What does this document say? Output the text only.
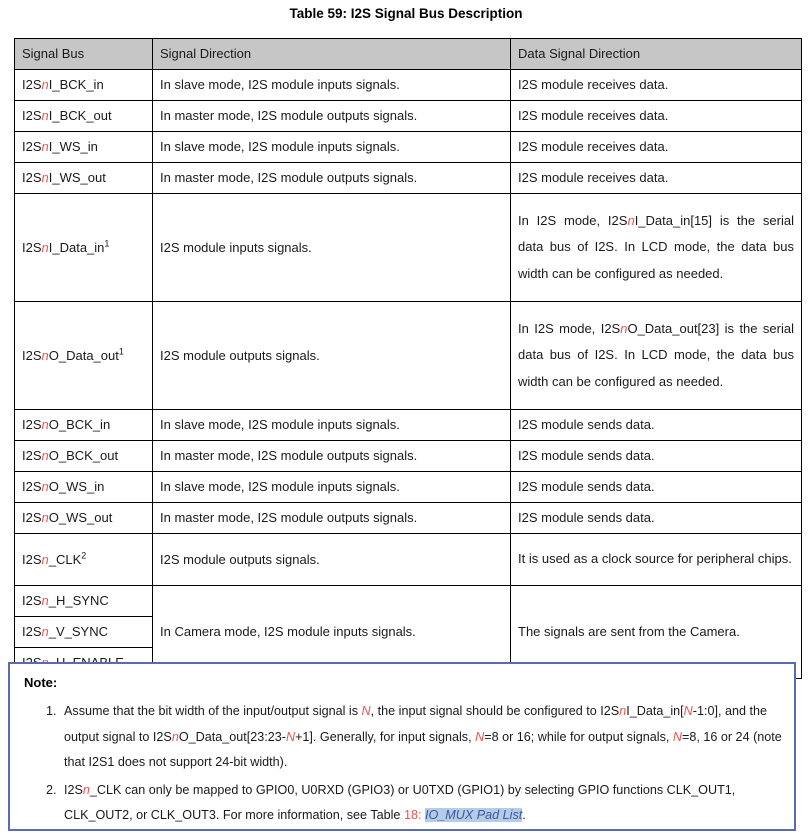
Table 59: I2S Signal Bus Description
Signal Bus	Signal Direction	Data Signal Direction
I2SnI_BCK_in	In slave mode, I2S module inputs signals.	I2S module receives data.
I2SnI_BCK_out	In master mode, I2S module outputs signals.	I2S module receives data.
I2SnI_WS_in	In slave mode, I2S module inputs signals.	I2S module receives data.
I2SnI_WS_out	In master mode, I2S module outputs signals.	I2S module receives data.
$I2SnI\_Data\_in^1$	I2S module inputs signals.	In I2S mode, I2SnI_Data_in[15] is the serial data bus of I2S. In LCD mode, the data bus width can be configured as needed.
I2SnO_Data_out$^1$	I2S module outputs signals.	In I2S mode, I2SnO_Data_out[23] is the serial data bus of I2S. In LCD mode, the data bus width can be configured as needed.
I2SnO_BCK_in	In slave mode, I2S module inputs signals.	I2S module sends data.
I2SnO_BCK_out	In master mode, I2S module outputs signals.	I2S module sends data.
I2SnO_WS_in	In slave mode, I2S module inputs signals.	I2S module sends data.
I2SnO_WS_out	In master mode, I2S module outputs signals.	I2S module sends data.
I2Sn_CLK$^2$	I2S module outputs signals.	It is used as a clock source for peripheral chips.
I2Sn_H_SYNC	In Camera mode, I2S module inputs signals.	The signals are sent from the Camera.
I2Sn_V_SYNC		

Note:
1. Assume that the bit width of the input/output signal is N, the input signal should be configured to I2SnI_Data_in[N-1:0], and the output signal to I2SnO_Data_out[23:23-N+1]. Generally, for input signals, N=8 or 16; while for output signals, N=8, 16 or 24 (note that I2S1 does not support 24-bit width).
2. I2Sn_CLK can only be mapped to GPIO0, U0RXD (GPIO3) or U0TXD (GPIO1) by selecting GPIO functions CLK_OUT1, CLK_OUT2, or CLK_OUT3. For more information, see Table 18: IO_MUX Pad List.
